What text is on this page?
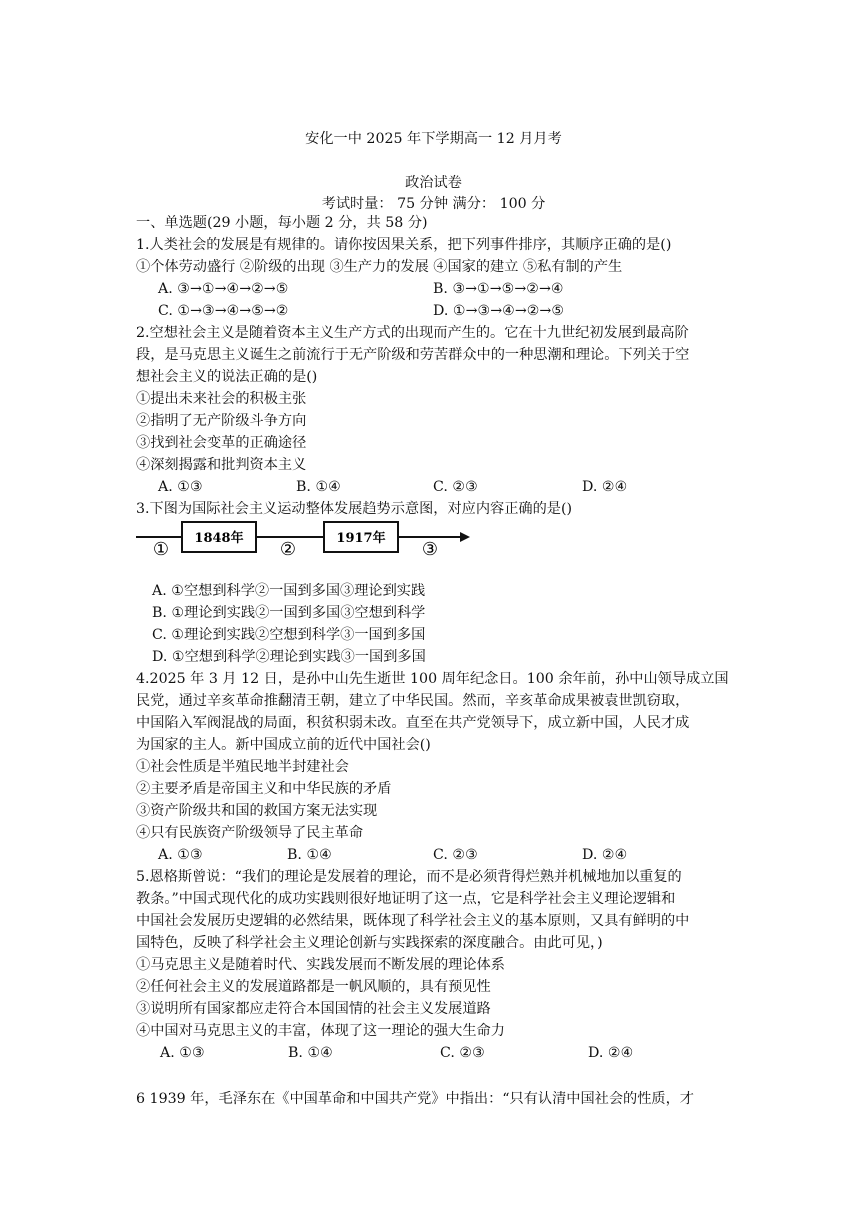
安化一中 2025 年下学期高一 12 月月考
政治试卷
考试时量： 75 分钟 满分： 100 分
一、单选题(29 小题，每小题 2 分，共 58 分)
1.人类社会的发展是有规律的。请你按因果关系，把下列事件排序，其顺序正确的是()
①个体劳动盛行 ②阶级的出现 ③生产力的发展 ④国家的建立 ⑤私有制的产生
A. ③→①→④→②→⑤	B. ③→①→⑤→②→④
C. ①→③→④→⑤→②	D. ①→③→④→②→⑤
2.空想社会主义是随着资本主义生产方式的出现而产生的。它在十九世纪初发展到最高阶
段，是马克思主义诞生之前流行于无产阶级和劳苦群众中的一种思潮和理论。下列关于空
想社会主义的说法正确的是()
①提出未来社会的积极主张
②指明了无产阶级斗争方向
③找到社会变革的正确途径
④深刻揭露和批判资本主义
A. ①③	B. ①④	C. ②③	D. ②④
3.下图为国际社会主义运动整体发展趋势示意图，对应内容正确的是()
1848年	1917年
①	②	③
A. ①空想到科学②一国到多国③理论到实践
B. ①理论到实践②一国到多国③空想到科学
C. ①理论到实践②空想到科学③一国到多国
D. ①空想到科学②理论到实践③一国到多国
4.2025 年 3 月 12 日，是孙中山先生逝世 100 周年纪念日。100 余年前，孙中山领导成立国
民党，通过辛亥革命推翻清王朝，建立了中华民国。然而，辛亥革命成果被袁世凯窃取，
中国陷入军阀混战的局面，积贫积弱未改。直至在共产党领导下，成立新中国，人民才成
为国家的主人。新中国成立前的近代中国社会()
①社会性质是半殖民地半封建社会
②主要矛盾是帝国主义和中华民族的矛盾
③资产阶级共和国的救国方案无法实现
④只有民族资产阶级领导了民主革命
A. ①③	B. ①④	C. ②③	D. ②④
5.恩格斯曾说：“我们的理论是发展着的理论，而不是必须背得烂熟并机械地加以重复的
教条。”中国式现代化的成功实践则很好地证明了这一点，它是科学社会主义理论逻辑和
中国社会发展历史逻辑的必然结果，既体现了科学社会主义的基本原则，又具有鲜明的中
国特色，反映了科学社会主义理论创新与实践探索的深度融合。由此可见，)
①马克思主义是随着时代、实践发展而不断发展的理论体系
②任何社会主义的发展道路都是一帆风顺的，具有预见性
③说明所有国家都应走符合本国国情的社会主义发展道路
④中国对马克思主义的丰富，体现了这一理论的强大生命力
A. ①③	B. ①④	C. ②③	D. ②④
6 1939 年，毛泽东在《中国革命和中国共产党》中指出：“只有认清中国社会的性质，才
